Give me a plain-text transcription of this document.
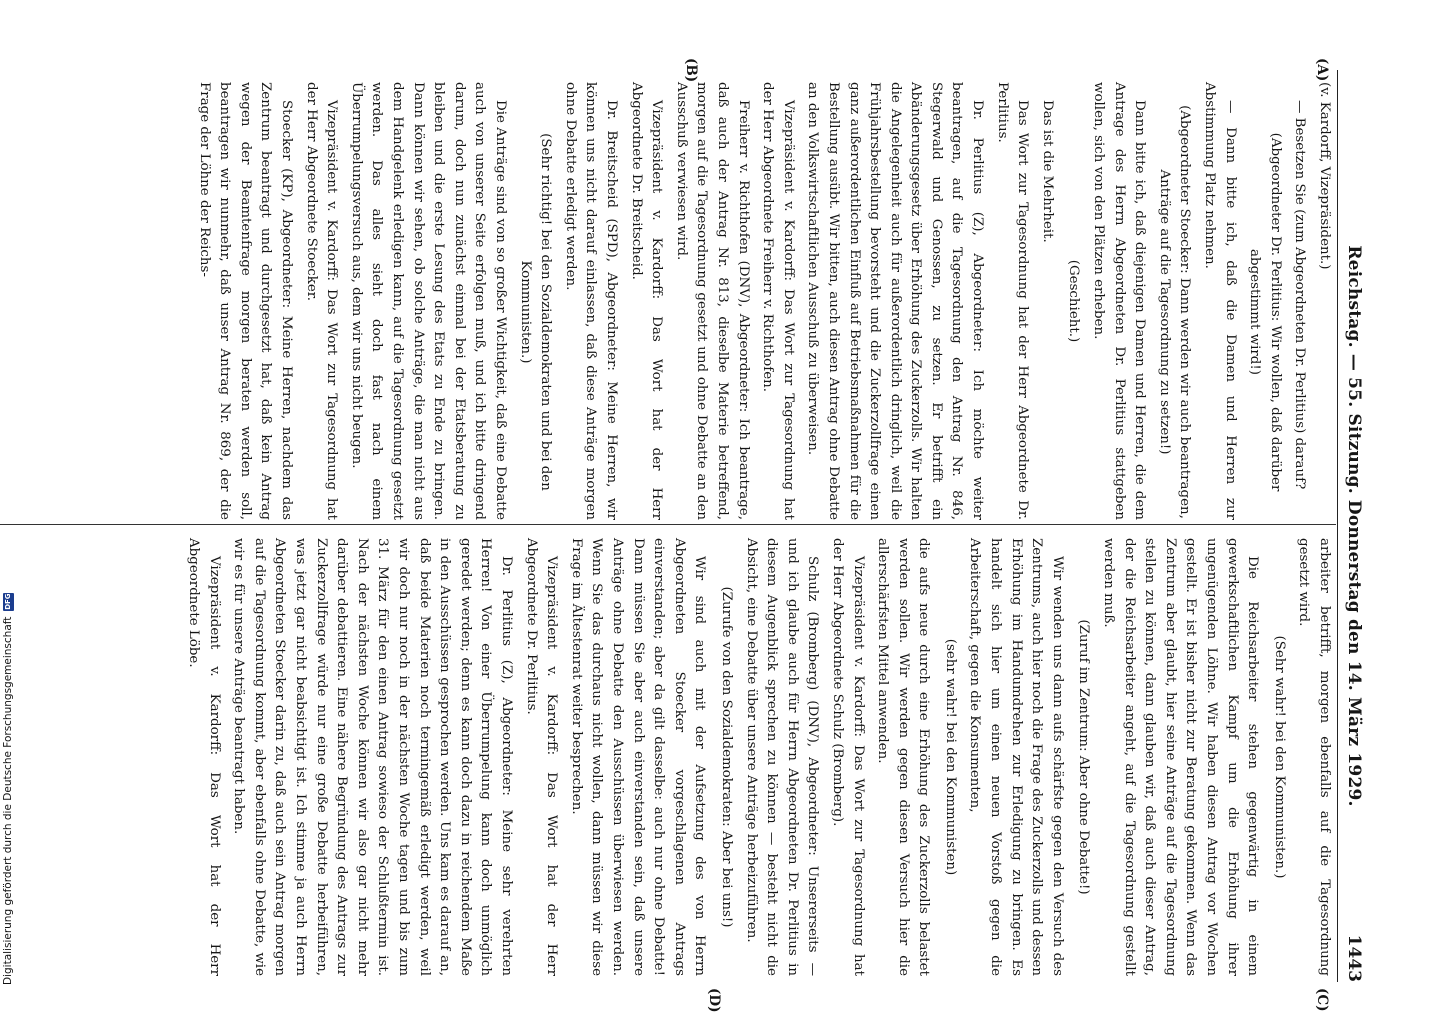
Reichstag. — 55. Sitzung. Donnerstag den 14. März 1929.
1443
(A)
(B)
(C)
(D)

(v. Kardorff, Vizepräsident.)

— Besetzen Sie (zum Abgeordneten Dr. Perlitius) darauf?

(Abgeordneter Dr. Perlitius: Wir wollen, daß darüber abgestimmt wird!)

— Dann bitte ich, daß die Damen und Herren zur Abstimmung Platz nehmen.

(Abgeordneter Stoecker: Dann werden wir auch beantragen, Anträge auf die Tagesordnung zu setzen!)

Dann bitte ich, daß diejenigen Damen und Herren, die dem Antrage des Herrn Abgeordneten Dr. Perlitius stattgeben wollen, sich von den Plätzen erheben.

(Geschieht.)

Das ist die Mehrheit.

Das Wort zur Tagesordnung hat der Herr Abgeordnete Dr. Perlitius.

Dr. Perlitius (Z), Abgeordneter: Ich möchte weiter beantragen, auf die Tagesordnung den Antrag Nr. 846, Stegerwald und Genossen, zu setzen. Er betrifft ein Abänderungsgesetz über Erhöhung des Zuckerzolls. Wir halten die Angelegenheit auch für außerordentlich dringlich, weil die Frühjahrsbestellung bevorsteht und die Zuckerzollfrage einen ganz außerordentlichen Einfluß auf Betriebsmaßnahmen für die Bestellung ausübt. Wir bitten, auch diesen Antrag ohne Debatte an den Volkswirtschaftlichen Ausschuß zu überweisen.

Vizepräsident v. Kardorff: Das Wort zur Tagesordnung hat der Herr Abgeordnete Freiherr v. Richthofen.

Freiherr v. Richthofen (DNV), Abgeordneter: Ich beantrage, daß auch der Antrag Nr. 813, dieselbe Materie betreffend, morgen auf die Tagesordnung gesetzt und ohne Debatte an den Ausschuß verwiesen wird.

Vizepräsident v. Kardorff: Das Wort hat der Herr Abgeordnete Dr. Breitscheid.

Dr. Breitscheid (SPD), Abgeordneter: Meine Herren, wir können uns nicht darauf einlassen, daß diese Anträge morgen ohne Debatte erledigt werden.

(Sehr richtig! bei den Sozialdemokraten und bei den Kommunisten.)

Die Anträge sind von so großer Wichtigkeit, daß eine Debatte auch von unserer Seite erfolgen muß, und ich bitte dringend darum, doch nun zunächst einmal bei der Etatsberatung zu bleiben und die erste Lesung des Etats zu Ende zu bringen. Dann können wir sehen, ob solche Anträge, die man nicht aus dem Handgelenk erledigen kann, auf die Tagesordnung gesetzt werden. Das alles sieht doch fast nach einem Überrumpelungsversuch aus, dem wir uns nicht beugen.

Vizepräsident v. Kardorff: Das Wort zur Tagesordnung hat der Herr Abgeordnete Stoecker.

Stoecker (KP), Abgeordneter: Meine Herren, nachdem das Zentrum beantragt und durchgesetzt hat, daß kein Antrag wegen der Beamtenfrage morgen beraten werden soll, beantragen wir nunmehr, daß unser Antrag Nr. 869, der die Frage der Löhne der Reichs-

arbeiter betrifft, morgen ebenfalls auf die Tagesordnung gesetzt wird.

(Sehr wahr! bei den Kommunisten.)

Die Reichsarbeiter stehen gegenwärtig in einem gewerkschaftlichen Kampf um die Erhöhung ihrer ungenügenden Löhne. Wir haben diesen Antrag vor Wochen gestellt. Er ist bisher nicht zur Beratung gekommen. Wenn das Zentrum aber glaubt, hier seine Anträge auf die Tagesordnung stellen zu können, dann glauben wir, daß auch dieser Antrag, der die Reichsarbeiter angeht, auf die Tagesordnung gestellt werden muß.

(Zuruf im Zentrum: Aber ohne Debatte!)

Wir wenden uns dann aufs schärfste gegen den Versuch des Zentrums, auch hier noch die Frage des Zuckerzolls und dessen Erhöhung im Handumdrehen zur Erledigung zu bringen. Es handelt sich hier um einen neuen Vorstoß gegen die Arbeiterschaft, gegen die Konsumenten,

(sehr wahr! bei den Kommunisten)

die aufs neue durch eine Erhöhung des Zuckerzolls belastet werden sollen. Wir werden gegen diesen Versuch hier die allerschärfsten Mittel anwenden.

Vizepräsident v. Kardorff: Das Wort zur Tagesordnung hat der Herr Abgeordnete Schulz (Bromberg).

Schulz (Bromberg) (DNV), Abgeordneter: Unsererseits — und ich glaube auch für Herrn Abgeordneten Dr. Perlitius in diesem Augenblick sprechen zu können — besteht nicht die Absicht, eine Debatte über unsere Anträge herbeizuführen.

(Zurufe von den Sozialdemokraten: Aber bei uns!)

Wir sind auch mit der Aufsetzung des von Herrn Abgeordneten Stoecker vorgeschlagenen Antrags einverstanden; aber da gilt dasselbe: auch nur ohne Debatte! Dann müssen Sie aber auch einverstanden sein, daß unsere Anträge ohne Debatte den Ausschüssen überwiesen werden. Wenn Sie das durchaus nicht wollen, dann müssen wir diese Frage im Ältestenrat weiter besprechen.

Vizepräsident v. Kardorff: Das Wort hat der Herr Abgeordnete Dr. Perlitius.

Dr. Perlitius (Z), Abgeordneter: Meine sehr verehrten Herren! Von einer Überrumpelung kann doch unmöglich geredet werden; denn es kann doch dazu in reichendem Maße in den Ausschüssen gesprochen werden. Uns kam es darauf an, daß beide Materien noch termingemäß erledigt werden, weil wir doch nur noch in der nächsten Woche tagen und bis zum 31. März für den einen Antrag sowieso der Schlußtermin ist. Nach der nächsten Woche können wir also gar nicht mehr darüber debattieren. Eine nähere Begründung des Antrags zur Zuckerzollfrage würde nur eine große Debatte herbeiführen, was jetzt gar nicht beabsichtigt ist. Ich stimme ja auch Herrn Abgeordneten Stoecker darin zu, daß auch sein Antrag morgen auf die Tagesordnung kommt, aber ebenfalls ohne Debatte, wie wir es für unsere Anträge beantragt haben.

Vizepräsident v. Kardorff: Das Wort hat der Herr Abgeordnete Löbe.

Digitalisierung gefördert durch die Deutsche Forschungsgemeinschaft
DFG
